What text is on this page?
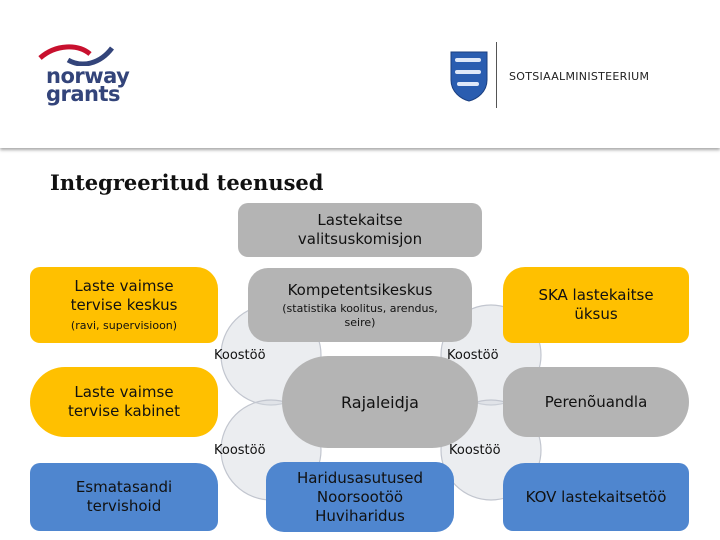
norway
grants
SOTSIAALMINISTEERIUM
Integreeritud teenused
Lastekaitse
valitsuskomisjon
Laste vaimse
tervise keskus
(ravi, supervisioon)
Kompetentsikeskus
(statistika koolitus, arendus,
seire)
SKA lastekaitse
üksus
Laste vaimse
tervise kabinet	Rajaleidja	Perenõuandla
Esmatasandi
tervishoid
Haridusasutused
Noorsootöö
Huviharidus
KOV lastekaitsetöö
Koostöö	Koostöö
Koostöö	Koostöö
